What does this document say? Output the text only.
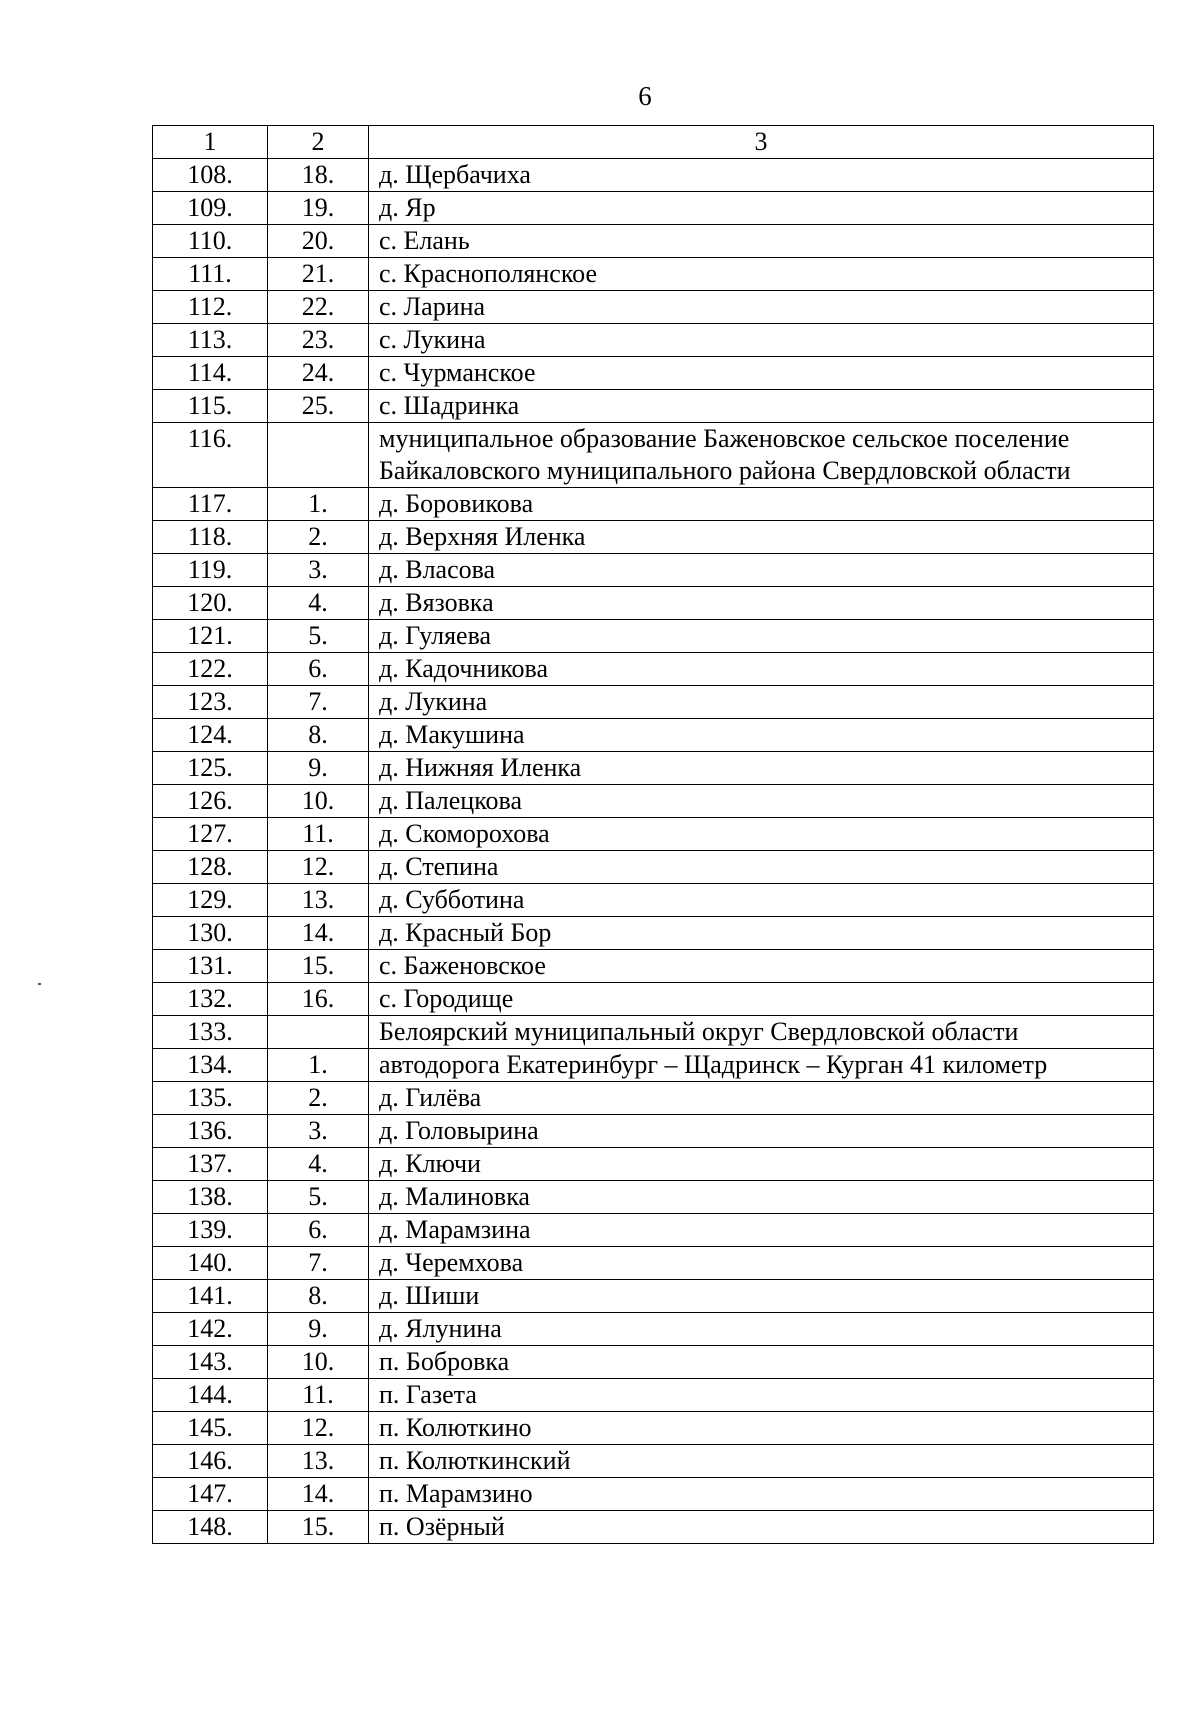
6
1	2	3
108.	18.	д. Щербачиха
109.	19.	д. Яр
110.	20.	с. Елань
111.	21.	с. Краснополянское
112.	22.	с. Ларина
113.	23.	с. Лукина
114.	24.	с. Чурманское
115.	25.	с. Шадринка
116.		муниципальное образование Баженовское сельское поселение Байкаловского муниципального района Свердловской области
117.	1.	д. Боровикова
118.	2.	д. Верхняя Иленка
119.	3.	д. Власова
120.	4.	д. Вязовка
121.	5.	д. Гуляева
122.	6.	д. Кадочникова
123.	7.	д. Лукина
124.	8.	д. Макушина
125.	9.	д. Нижняя Иленка
126.	10.	д. Палецкова
127.	11.	д. Скоморохова
128.	12.	д. Степина
129.	13.	д. Субботина
130.	14.	д. Красный Бор
131.	15.	с. Баженовское
132.	16.	с. Городище
133.		Белоярский муниципальный округ Свердловской области
134.	1.	автодорога Екатеринбург – Щадринск – Курган 41 километр
135.	2.	д. Гилёва
136.	3.	д. Головырина
137.	4.	д. Ключи
138.	5.	д. Малиновка
139.	6.	д. Марамзина
140.	7.	д. Черемхова
141.	8.	д. Шиши
142.	9.	д. Ялунина
143.	10.	п. Бобровка
144.	11.	п. Газета
145.	12.	п. Колюткино
146.	13.	п. Колюткинский
147.	14.	п. Марамзино
148.	15.	п. Озёрный
